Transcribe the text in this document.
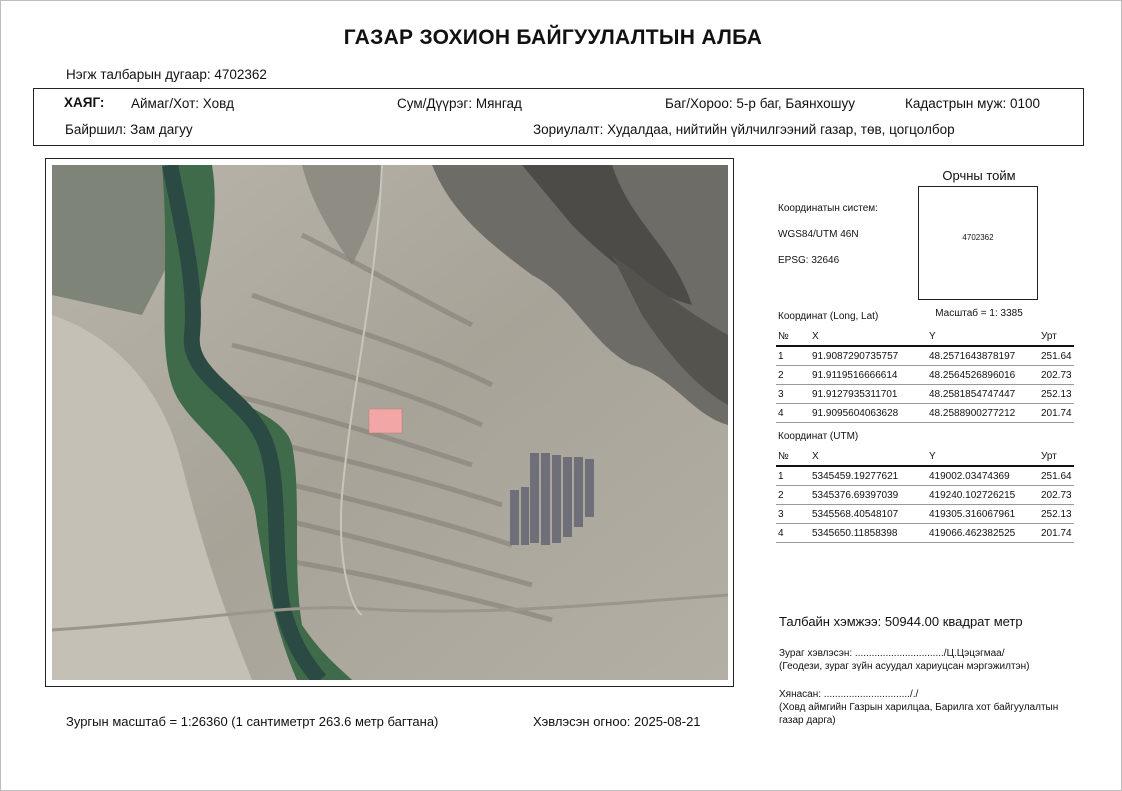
ГАЗАР ЗОХИОН БАЙГУУЛАЛТЫН АЛБА
Нэгж талбарын дугаар: 4702362
ХАЯГ: Аймаг/Хот: Ховд	Сум/Дүүрэг: Мянгад	Баг/Хороо: 5-р баг, Баянхошуу	Кадастрын муж: 0100
Байршил: Зам дагуу	Зориулалт: Худалдаа, нийтийн үйлчилгээний газар, төв, цогцолбор
Координатын систем:
WGS84/UTM 46N
EPSG: 32646
Орчны тойм
4702362
Масштаб = 1: 3385
Координат (Long, Lat)
№	X	Y	Урт
1	91.9087290735757	48.2571643878197	251.64
2	91.9119516666614	48.2564526896016	202.73
3	91.9127935311701	48.2581854747447	252.13
4	91.9095604063628	48.2588900277212	201.74
Координат (UTM)
№	X	Y	Урт
1	5345459.19277621	419002.03474369	251.64
2	5345376.69397039	419240.102726215	202.73
3	5345568.40548107	419305.316067961	252.13
4	5345650.11858398	419066.462382525	201.74
Талбайн хэмжээ: 50944.00 квадрат метр
Зураг хэвлэсэн: ................................/Ц.Цэцэгмаа/
(Геодези, зураг зүйн асуудал хариуцсан мэргэжилтэн)
Хянасан: ..............................././
(Ховд аймгийн Газрын харилцаа, Барилга хот байгуулалтын
газар дарга)
Зургын масштаб = 1:26360 (1 сантиметрт 263.6 метр багтана)	Хэвлэсэн огноо: 2025-08-21
